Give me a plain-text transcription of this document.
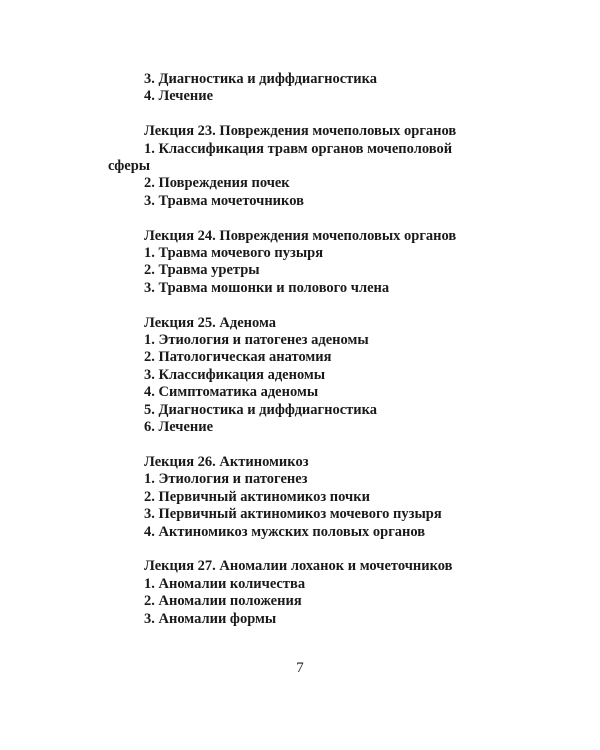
3. Диагностика и диффдиагностика

4. Лечение

Лекция 23. Повреждения мочеполовых органов

1. Классификация травм органов мочеполовой

сферы

2. Повреждения почек

3. Травма мочеточников

Лекция 24. Повреждения мочеполовых органов

1. Травма мочевого пузыря

2. Травма уретры

3. Травма мошонки и полового члена

Лекция 25. Аденома

1. Этиология и патогенез аденомы

2. Патологическая анатомия

3. Классификация аденомы

4. Симптоматика аденомы

5. Диагностика и диффдиагностика

6. Лечение

Лекция 26. Актиномикоз

1. Этиология и патогенез

2. Первичный актиномикоз почки

3. Первичный актиномикоз мочевого пузыря

4. Актиномикоз мужских половых органов

Лекция 27. Аномалии лоханок и мочеточников

1. Аномалии количества

2. Аномалии положения

3. Аномалии формы

7
